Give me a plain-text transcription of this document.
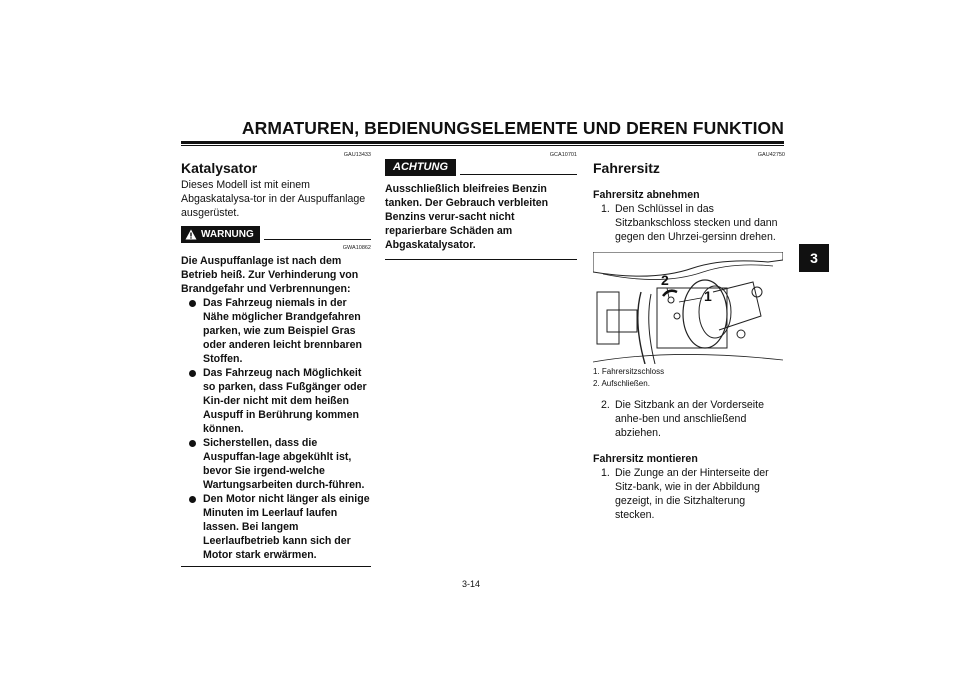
ARMATUREN, BEDIENUNGSELEMENTE UND DEREN FUNKTION
3
GAU13433
Katalysator
Dieses Modell ist mit einem Abgaskatalysa-tor in der Auspuffanlage ausgerüstet.
WARNUNG
GWA10862
Die Auspuffanlage ist nach dem Betrieb heiß. Zur Verhinderung von Brandgefahr und Verbrennungen:
Das Fahrzeug niemals in der Nähe möglicher Brandgefahren parken, wie zum Beispiel Gras oder anderen leicht brennbaren Stoffen.
Das Fahrzeug nach Möglichkeit so parken, dass Fußgänger oder Kin-der nicht mit dem heißen Auspuff in Berührung kommen können.
Sicherstellen, dass die Auspuffan-lage abgekühlt ist, bevor Sie irgend-welche Wartungsarbeiten durch-führen.
Den Motor nicht länger als einige Minuten im Leerlauf laufen lassen. Bei langem Leerlaufbetrieb kann sich der Motor stark erwärmen.
GCA10701
ACHTUNG
Ausschließlich bleifreies Benzin tanken. Der Gebrauch verbleiten Benzins verur-sacht nicht reparierbare Schäden am Abgaskatalysator.
GAU42750
Fahrersitz
Fahrersitz abnehmen
1. Den Schlüssel in das Sitzbankschloss stecken und dann gegen den Uhrzei-gersinn drehen.
1
2
1. Fahrersitzschloss
2. Aufschließen.
2. Die Sitzbank an der Vorderseite anhe-ben und anschließend abziehen.
Fahrersitz montieren
1. Die Zunge an der Hinterseite der Sitz-bank, wie in der Abbildung gezeigt, in die Sitzhalterung stecken.
3-14
